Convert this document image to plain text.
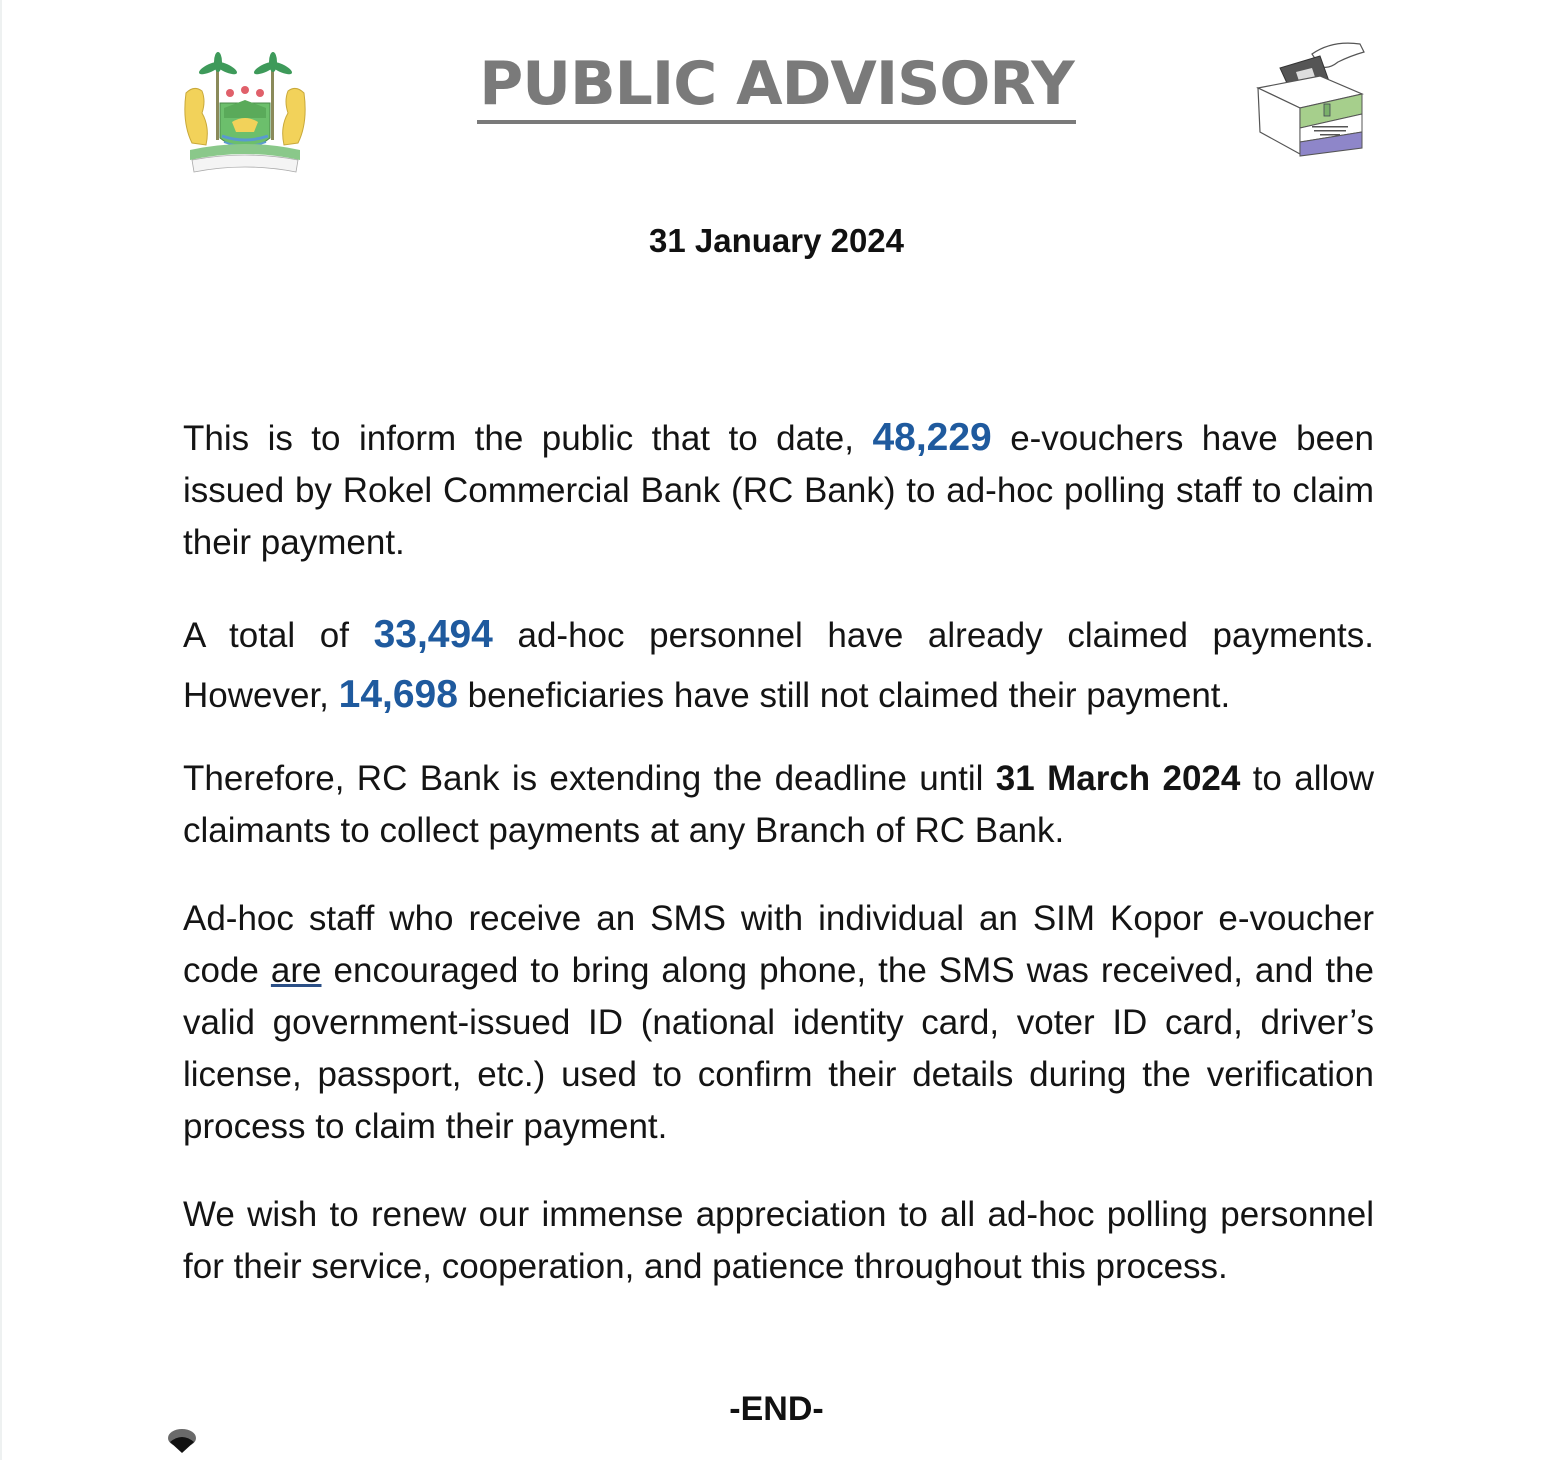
PUBLIC ADVISORY
31 January 2024

This is to inform the public that to date, 48,229 e-vouchers have been issued by Rokel Commercial Bank (RC Bank) to ad-hoc polling staff to claim their payment.

A total of 33,494 ad-hoc personnel have already claimed payments. However, 14,698 beneficiaries have still not claimed their payment.

Therefore, RC Bank is extending the deadline until 31 March 2024 to allow claimants to collect payments at any Branch of RC Bank.

Ad-hoc staff who receive an SMS with individual an SIM Kopor e-voucher code are encouraged to bring along phone, the SMS was received, and the valid government-issued ID (national identity card, voter ID card, driver’s license, passport, etc.) used to confirm their details during the verification process to claim their payment.

We wish to renew our immense appreciation to all ad-hoc polling personnel for their service, cooperation, and patience throughout this process.

-END-
